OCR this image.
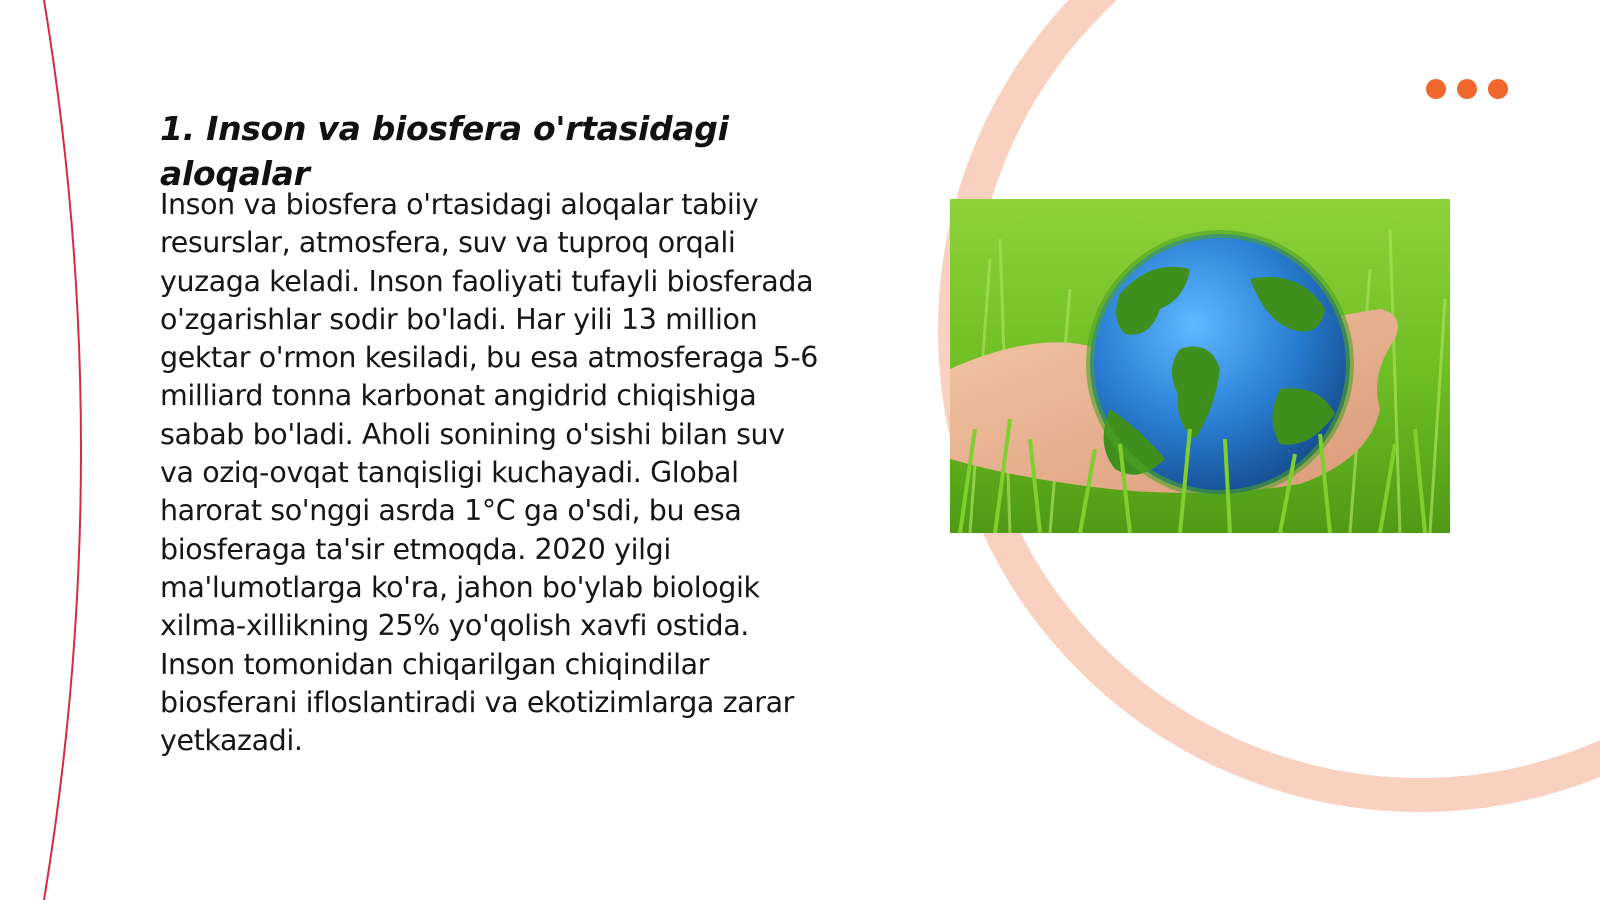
1. Inson va biosfera o'rtasidagi aloqalar

Inson va biosfera o'rtasidagi aloqalar tabiiy resurslar, atmosfera, suv va tuproq orqali yuzaga keladi. Inson faoliyati tufayli biosferada o'zgarishlar sodir bo'ladi. Har yili 13 million gektar o'rmon kesiladi, bu esa atmosferaga 5-6 milliard tonna karbonat angidrid chiqishiga sabab bo'ladi. Aholi sonining o'sishi bilan suv va oziq-ovqat tanqisligi kuchayadi. Global harorat so'nggi asrda 1°C ga o'sdi, bu esa biosferaga ta'sir etmoqda. 2020 yilgi ma'lumotlarga ko'ra, jahon bo'ylab biologik xilma-xillikning 25% yo'qolish xavfi ostida. Inson tomonidan chiqarilgan chiqindilar biosferani ifloslantiradi va ekotizimlarga zarar yetkazadi.
